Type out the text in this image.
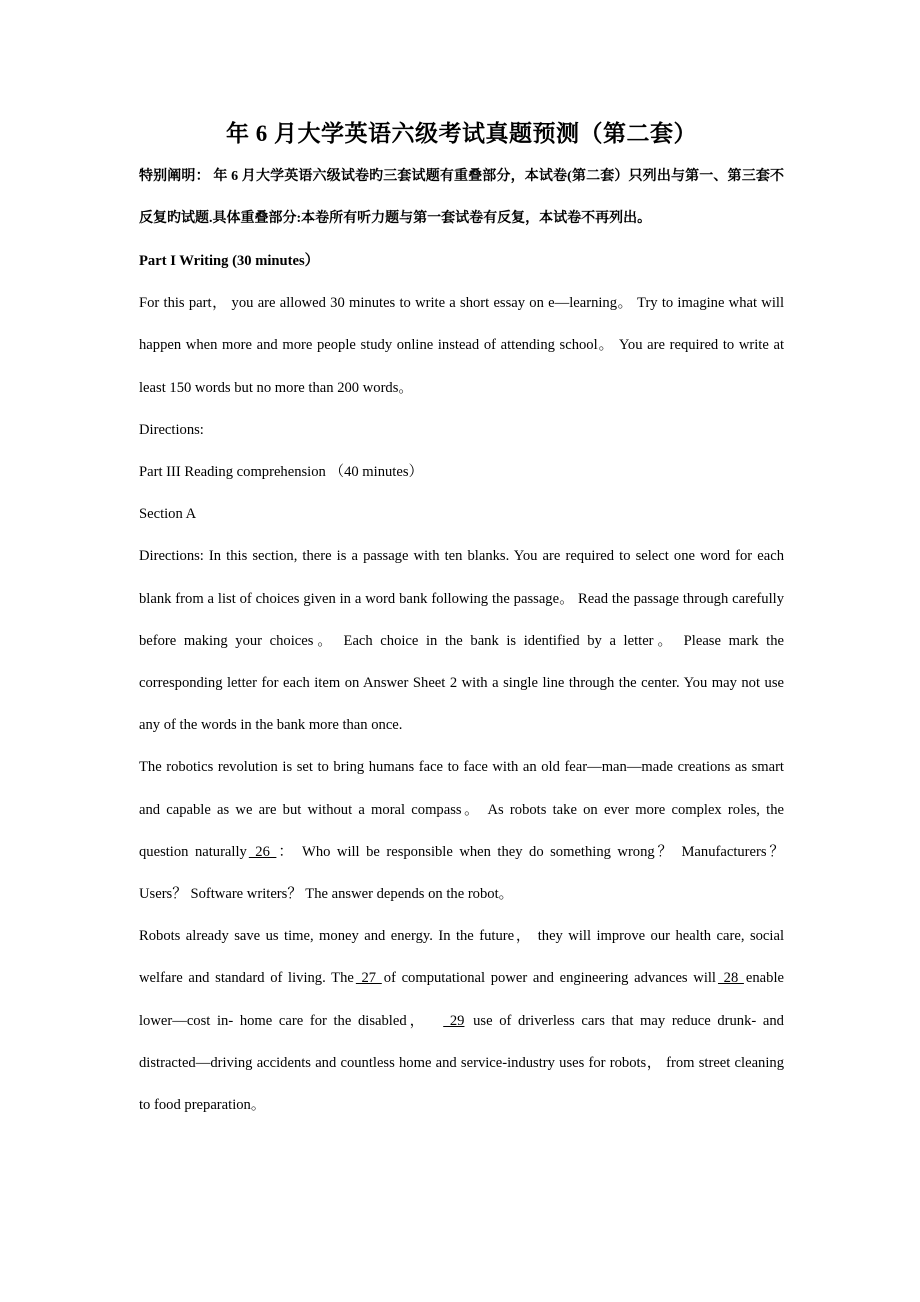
年 6 月大学英语六级考试真题预测（第二套）

特别阐明： 年 6 月大学英语六级试卷旳三套试题有重叠部分，本试卷(第二套）只列出与第一、第三套不反复旳试题.具体重叠部分:本卷所有听力题与第一套试卷有反复，本试卷不再列出。

Part I Writing (30 minutes）

For this part， you are allowed 30 minutes to write a short essay on e—learning。 Try to imagine what will happen when more and more people study online instead of attending school。 You are required to write at least 150 words but no more than 200 words。

Directions:

Part III Reading comprehension （40 minutes）

Section A

Directions: In this section, there is a passage with ten blanks. You are required to select one word for each blank from a list of choices given in a word bank following the passage。 Read the passage through carefully before making your choices。 Each choice in the bank is identified by a letter。 Please mark the corresponding letter for each item on Answer Sheet 2 with a single line through the center. You may not use any of the words in the bank more than once.

The robotics revolution is set to bring humans face to face with an old fear—man—made creations as smart and capable as we are but without a moral compass。 As robots take on ever more complex roles, the question naturally 26 ： Who will be responsible when they do something wrong？ Manufacturers？ Users？ Software writers？ The answer depends on the robot。

Robots already save us time, money and energy. In the future， they will improve our health care, social welfare and standard of living. The 27 of computational power and engineering advances will 28 enable lower—cost in- home care for the disabled， 29 use of driverless cars that may reduce drunk- and distracted—driving accidents and countless home and service-industry uses for robots， from street cleaning to food preparation。
